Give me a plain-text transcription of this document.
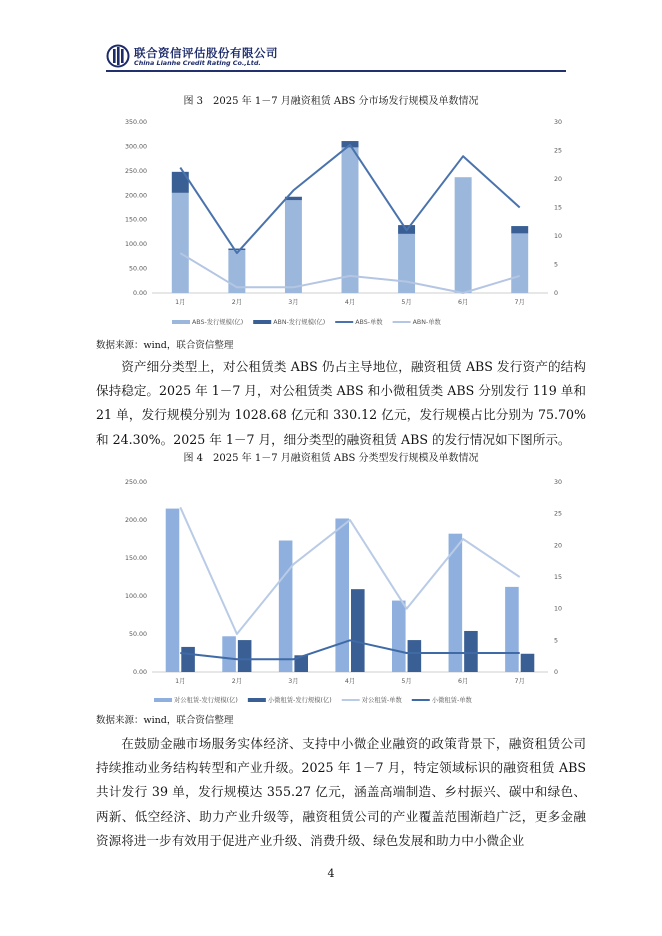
联合资信评估股份有限公司
China Lianhe Credit Rating Co.,Ltd.
图 3　2025 年 1－7 月融资租赁 ABS 分市场发行规模及单数情况
0.00
50.00
100.00
150.00
200.00
250.00
300.00
350.00
0
5
10
15
20
25
30
1月	2月	3月	4月	5月	6月	7月
ABS-发行规模(亿)	ABN-发行规模(亿)	ABS-单数	ABN-单数
数据来源：wind，联合资信整理

资产细分类型上，对公租赁类 ABS 仍占主导地位，融资租赁 ABS 发行资产的结构保持稳定。2025 年 1－7 月，对公租赁类 ABS 和小微租赁类 ABS 分别发行 119 单和 21 单，发行规模分别为 1028.68 亿元和 330.12 亿元，发行规模占比分别为 75.70%和 24.30%。2025 年 1－7 月，细分类型的融资租赁 ABS 的发行情况如下图所示。

图 4　2025 年 1－7 月融资租赁 ABS 分类型发行规模及单数情况
0.00
50.00
100.00
150.00
200.00
250.00
0
5
10
15
20
25
30
1月	2月	3月	4月	5月	6月	7月
对公租赁-发行规模(亿)	小微租赁-发行规模(亿)	对公租赁-单数	小微租赁-单数
数据来源：wind，联合资信整理

在鼓励金融市场服务实体经济、支持中小微企业融资的政策背景下，融资租赁公司持续推动业务结构转型和产业升级。2025 年 1－7 月，特定领域标识的融资租赁 ABS 共计发行 39 单，发行规模达 355.27 亿元，涵盖高端制造、乡村振兴、碳中和绿色、两新、低空经济、助力产业升级等，融资租赁公司的产业覆盖范围渐趋广泛，更多金融资源将进一步有效用于促进产业升级、消费升级、绿色发展和助力中小微企业

4
